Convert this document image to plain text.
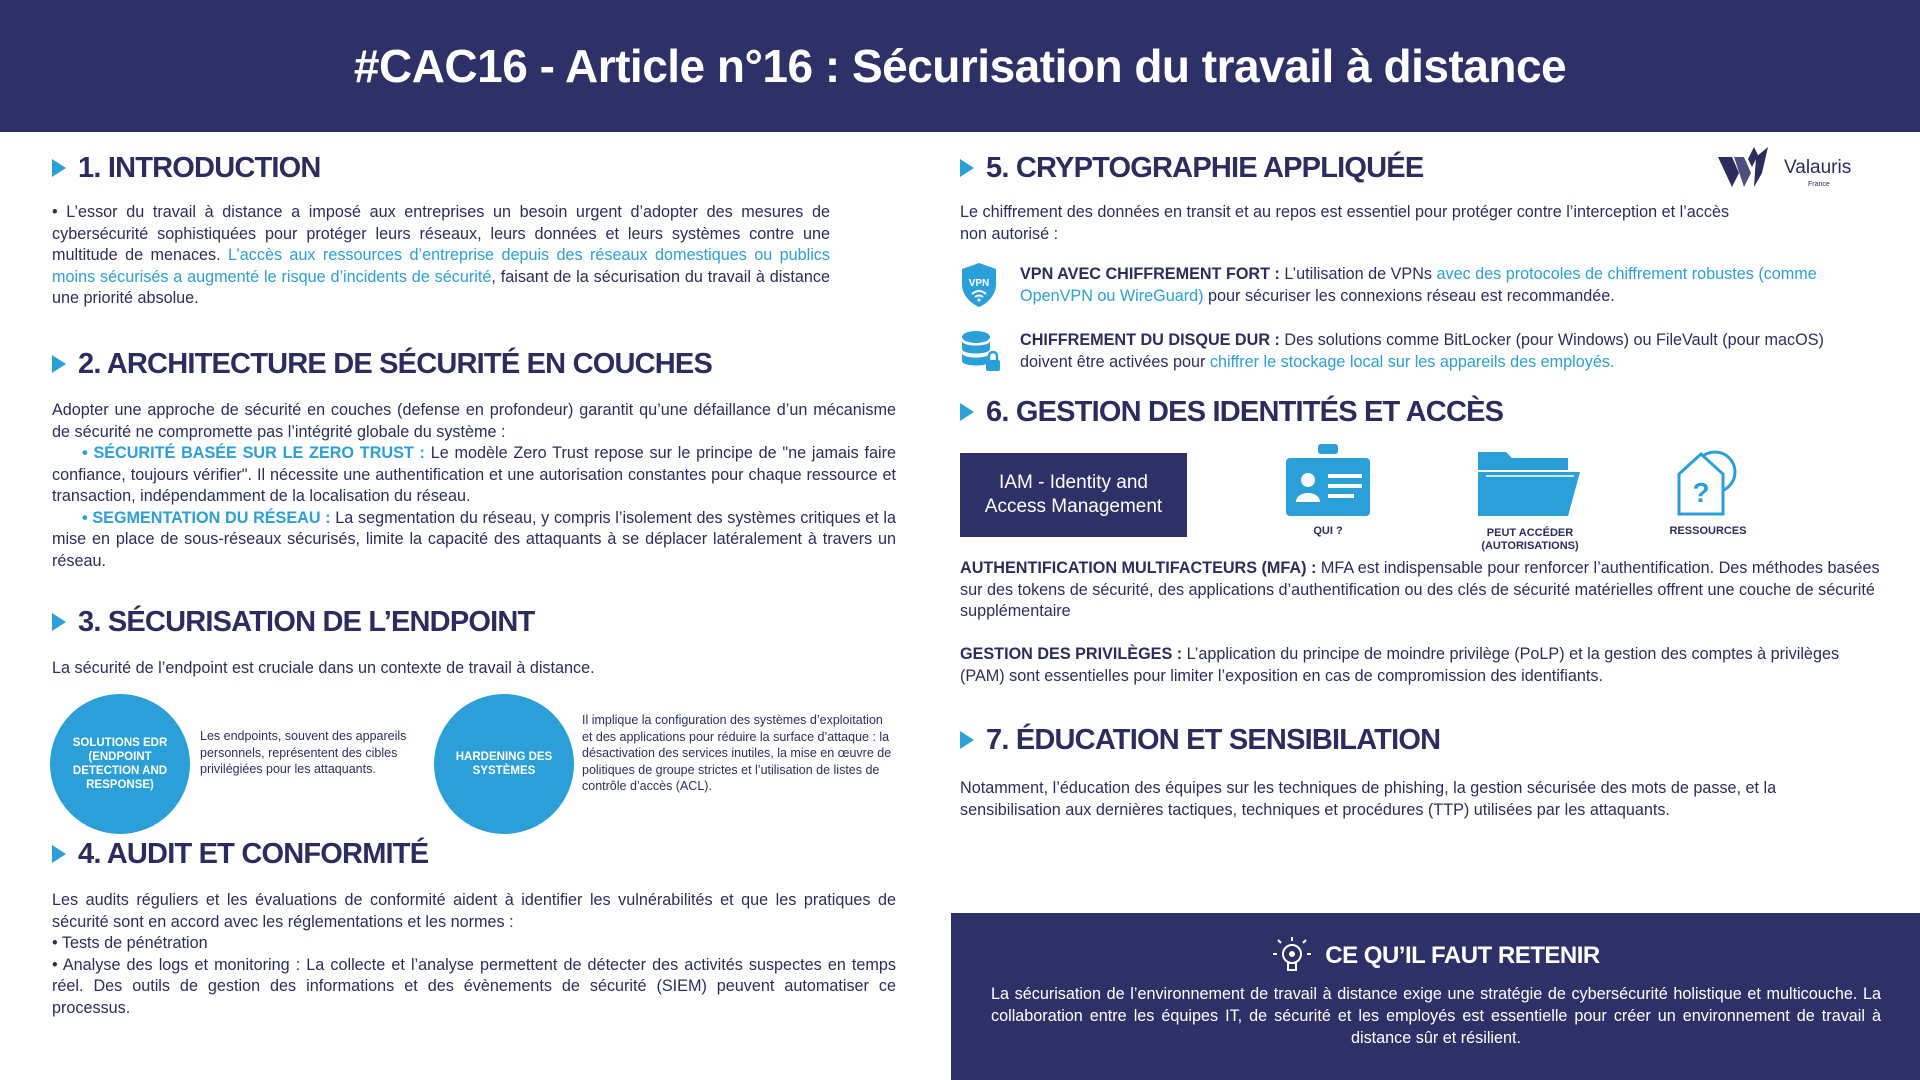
#CAC16 - Article n°16 : Sécurisation du travail à distance
Valauris
France
1. INTRODUCTION

• L’essor du travail à distance a imposé aux entreprises un besoin urgent d’adopter des mesures de cybersécurité sophistiquées pour protéger leurs réseaux, leurs données et leurs systèmes contre une multitude de menaces. L’accès aux ressources d’entreprise depuis des réseaux domestiques ou publics moins sécurisés a augmenté le risque d’incidents de sécurité, faisant de la sécurisation du travail à distance une priorité absolue.

2. ARCHITECTURE DE SÉCURITÉ EN COUCHES

Adopter une approche de sécurité en couches (defense en profondeur) garantit qu’une défaillance d’un mécanisme de sécurité ne compromette pas l’intégrité globale du système :

• SÉCURITÉ BASÉE SUR LE ZERO TRUST : Le modèle Zero Trust repose sur le principe de "ne jamais faire confiance, toujours vérifier". Il nécessite une authentification et une autorisation constantes pour chaque ressource et transaction, indépendamment de la localisation du réseau.

• SEGMENTATION DU RÉSEAU : La segmentation du réseau, y compris l’isolement des systèmes critiques et la mise en place de sous-réseaux sécurisés, limite la capacité des attaquants à se déplacer latéralement à travers un réseau.

3. SÉCURISATION DE L’ENDPOINT

La sécurité de l’endpoint est cruciale dans un contexte de travail à distance.

SOLUTIONS EDR (ENDPOINT DETECTION AND RESPONSE)

Les endpoints, souvent des appareils personnels, représentent des cibles privilégiées pour les attaquants.

HARDENING DES SYSTÈMES

Il implique la configuration des systèmes d’exploitation et des applications pour réduire la surface d’attaque : la désactivation des services inutiles, la mise en œuvre de politiques de groupe strictes et l’utilisation de listes de contrôle d’accès (ACL).

4. AUDIT ET CONFORMITÉ

Les audits réguliers et les évaluations de conformité aident à identifier les vulnérabilités et que les pratiques de sécurité sont en accord avec les réglementations et les normes :

• Tests de pénétration

• Analyse des logs et monitoring : La collecte et l’analyse permettent de détecter des activités suspectes en temps réel. Des outils de gestion des informations et des évènements de sécurité (SIEM) peuvent automatiser ce processus.

5. CRYPTOGRAPHIE APPLIQUÉE

Le chiffrement des données en transit et au repos est essentiel pour protéger contre l’interception et l’accès non autorisé :

VPN

VPN AVEC CHIFFREMENT FORT : L’utilisation de VPNs avec des protocoles de chiffrement robustes (comme OpenVPN ou WireGuard) pour sécuriser les connexions réseau est recommandée.

CHIFFREMENT DU DISQUE DUR : Des solutions comme BitLocker (pour Windows) ou FileVault (pour macOS) doivent être activées pour chiffrer le stockage local sur les appareils des employés.

6. GESTION DES IDENTITÉS ET ACCÈS
IAM - Identity and Access Management

QUI ?	PEUT ACCÉDER (AUTORISATIONS)

?

RESSOURCES

AUTHENTIFICATION MULTIFACTEURS (MFA) : MFA est indispensable pour renforcer l’authentification. Des méthodes basées sur des tokens de sécurité, des applications d’authentification ou des clés de sécurité matérielles offrent une couche de sécurité supplémentaire

GESTION DES PRIVILÈGES : L’application du principe de moindre privilège (PoLP) et la gestion des comptes à privilèges (PAM) sont essentielles pour limiter l’exposition en cas de compromission des identifiants.

7. ÉDUCATION ET SENSIBILATION

Notamment, l’éducation des équipes sur les techniques de phishing, la gestion sécurisée des mots de passe, et la sensibilisation aux dernières tactiques, techniques et procédures (TTP) utilisées par les attaquants.

CE QU’IL FAUT RETENIR

La sécurisation de l’environnement de travail à distance exige une stratégie de cybersécurité holistique et multicouche. La collaboration entre les équipes IT, de sécurité et les employés est essentielle pour créer un environnement de travail à distance sûr et résilient.
